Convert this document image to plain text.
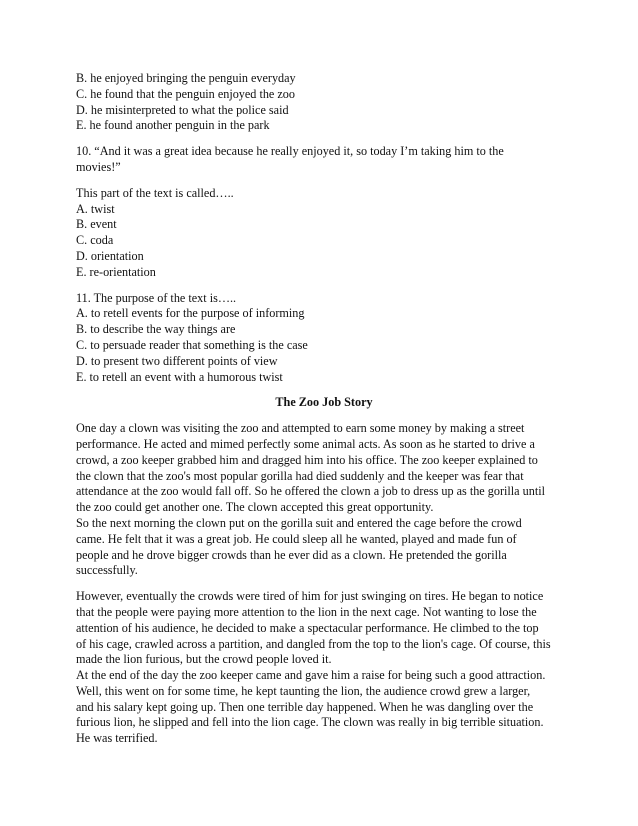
B. he enjoyed bringing the penguin everyday
C. he found that the penguin enjoyed the zoo
D. he misinterpreted to what the police said
E. he found another penguin in the park
10. “And it was a great idea because he really enjoyed it, so today I’m taking him to the
movies!”
This part of the text is called…..
A. twist
B. event
C. coda
D. orientation
E. re-orientation
11. The purpose of the text is…..
A. to retell events for the purpose of informing
B. to describe the way things are
C. to persuade reader that something is the case
D. to present two different points of view
E. to retell an event with a humorous twist
The Zoo Job Story
One day a clown was visiting the zoo and attempted to earn some money by making a street
performance. He acted and mimed perfectly some animal acts. As soon as he started to drive a
crowd, a zoo keeper grabbed him and dragged him into his office. The zoo keeper explained to
the clown that the zoo's most popular gorilla had died suddenly and the keeper was fear that
attendance at the zoo would fall off. So he offered the clown a job to dress up as the gorilla until
the zoo could get another one. The clown accepted this great opportunity.
So the next morning the clown put on the gorilla suit and entered the cage before the crowd
came. He felt that it was a great job. He could sleep all he wanted, played and made fun of
people and he drove bigger crowds than he ever did as a clown. He pretended the gorilla
successfully.
However, eventually the crowds were tired of him for just swinging on tires. He began to notice
that the people were paying more attention to the lion in the next cage. Not wanting to lose the
attention of his audience, he decided to make a spectacular performance. He climbed to the top
of his cage, crawled across a partition, and dangled from the top to the lion's cage. Of course, this
made the lion furious, but the crowd people loved it.
At the end of the day the zoo keeper came and gave him a raise for being such a good attraction.
Well, this went on for some time, he kept taunting the lion, the audience crowd grew a larger,
and his salary kept going up. Then one terrible day happened. When he was dangling over the
furious lion, he slipped and fell into the lion cage. The clown was really in big terrible situation.
He was terrified.
